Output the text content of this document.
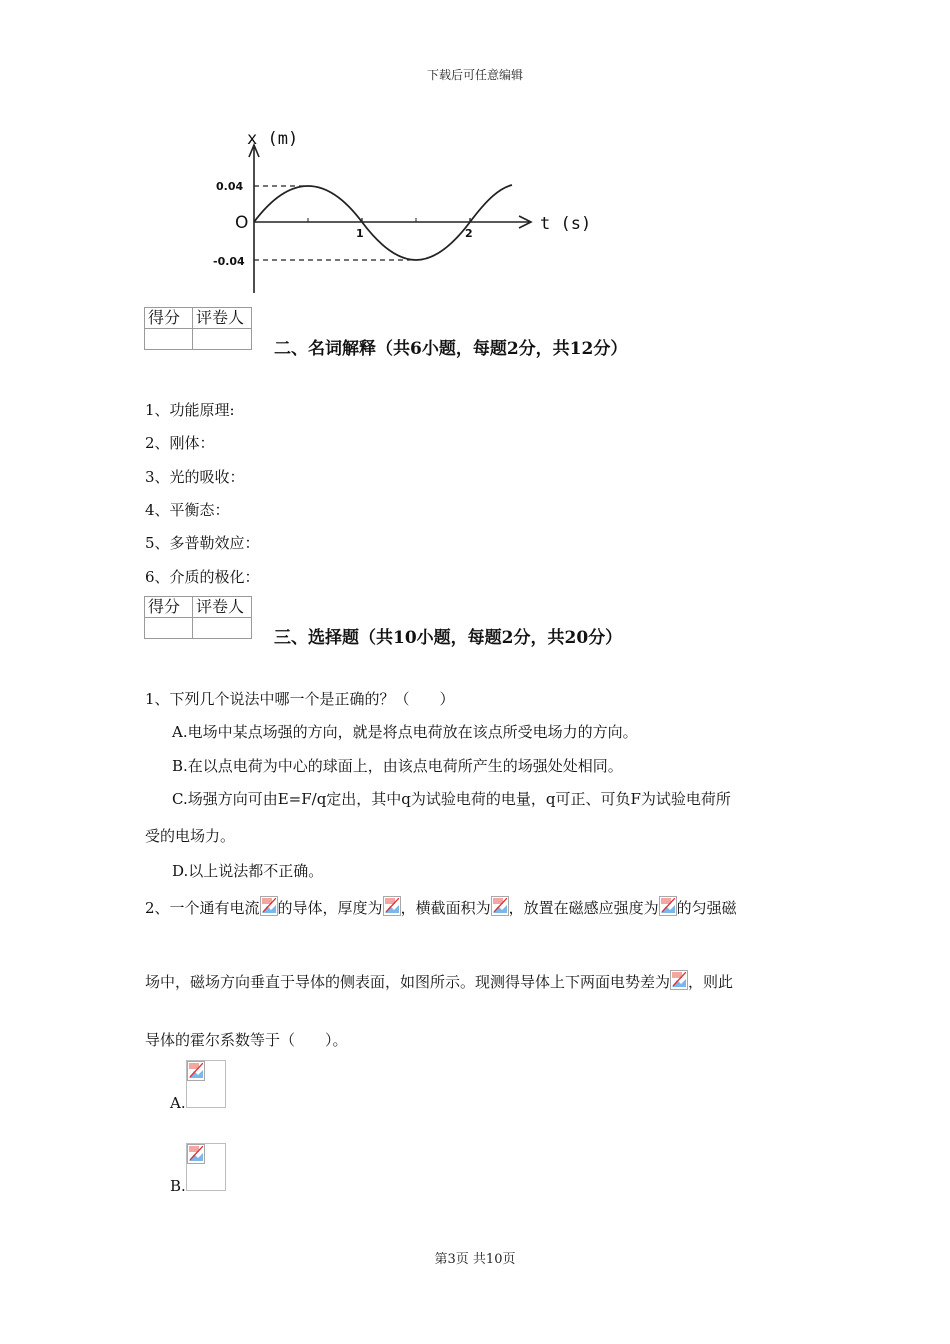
下载后可任意编辑
x (m)
t (s)
0.04
-0.04
O
1	2
得分	评卷人

二、名词解释（共6小题，每题2分，共12分）
1、功能原理:
2、刚体：
3、光的吸收：
4、平衡态：
5、多普勒效应：
6、介质的极化：
得分	评卷人

三、选择题（共10小题，每题2分，共20分）
1、下列几个说法中哪一个是正确的？（　　）
A.电场中某点场强的方向，就是将点电荷放在该点所受电场力的方向。
B.在以点电荷为中心的球面上，由该点电荷所产生的场强处处相同。
C.场强方向可由E=F/q定出，其中q为试验电荷的电量，q可正、可负F为试验电荷所
受的电场力。
D.以上说法都不正确。
2、一个通有电流 的导体，厚度为 ，横截面积为 ，放置在磁感应强度为 的匀强磁
场中，磁场方向垂直于导体的侧表面，如图所示。现测得导体上下两面电势差为 ，则此
导体的霍尔系数等于（　　）。
A.
B.
第3页 共10页
